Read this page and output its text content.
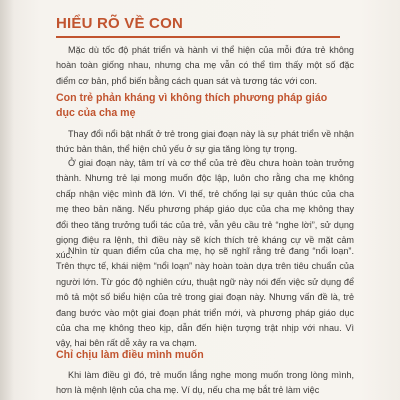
HIỂU RÕ VỀ CON
Mặc dù tốc độ phát triển và hành vi thể hiện của mỗi đứa trẻ không hoàn toàn giống nhau, nhưng cha mẹ vẫn có thể tìm thấy một số đặc điểm cơ bản, phổ biến bằng cách quan sát và tương tác với con.
Con trẻ phản kháng vì không thích phương pháp giáo dục của cha mẹ
Thay đổi nổi bật nhất ở trẻ trong giai đoạn này là sự phát triển về nhận thức bản thân, thể hiện chủ yếu ở sự gia tăng lòng tự trọng.
Ở giai đoạn này, tâm trí và cơ thể của trẻ đều chưa hoàn toàn trưởng thành. Nhưng trẻ lại mong muốn độc lập, luôn cho rằng cha mẹ không chấp nhận việc mình đã lớn. Vì thế, trẻ chống lại sự quản thúc của cha mẹ theo bản năng. Nếu phương pháp giáo dục của cha mẹ không thay đổi theo tăng trưởng tuổi tác của trẻ, vẫn yêu cầu trẻ “nghe lời”, sử dụng giọng điệu ra lệnh, thì điều này sẽ kích thích trẻ kháng cự về mặt cảm xúc.
Nhìn từ quan điểm của cha mẹ, họ sẽ nghĩ rằng trẻ đang “nổi loạn”. Trên thực tế, khái niệm “nổi loạn” này hoàn toàn dựa trên tiêu chuẩn của người lớn. Từ góc độ nghiên cứu, thuật ngữ này nói đến việc sử dụng để mô tả một số biểu hiện của trẻ trong giai đoạn này. Nhưng vấn đề là, trẻ đang bước vào một giai đoạn phát triển mới, và phương pháp giáo dục của cha mẹ không theo kịp, dẫn đến hiện tượng trật nhịp với nhau. Vì vậy, hai bên rất dễ xảy ra va chạm.
Chỉ chịu làm điều mình muốn
Khi làm điều gì đó, trẻ muốn lắng nghe mong muốn trong lòng mình, hơn là mệnh lệnh của cha mẹ. Ví dụ, nếu cha mẹ bắt trẻ làm việc
